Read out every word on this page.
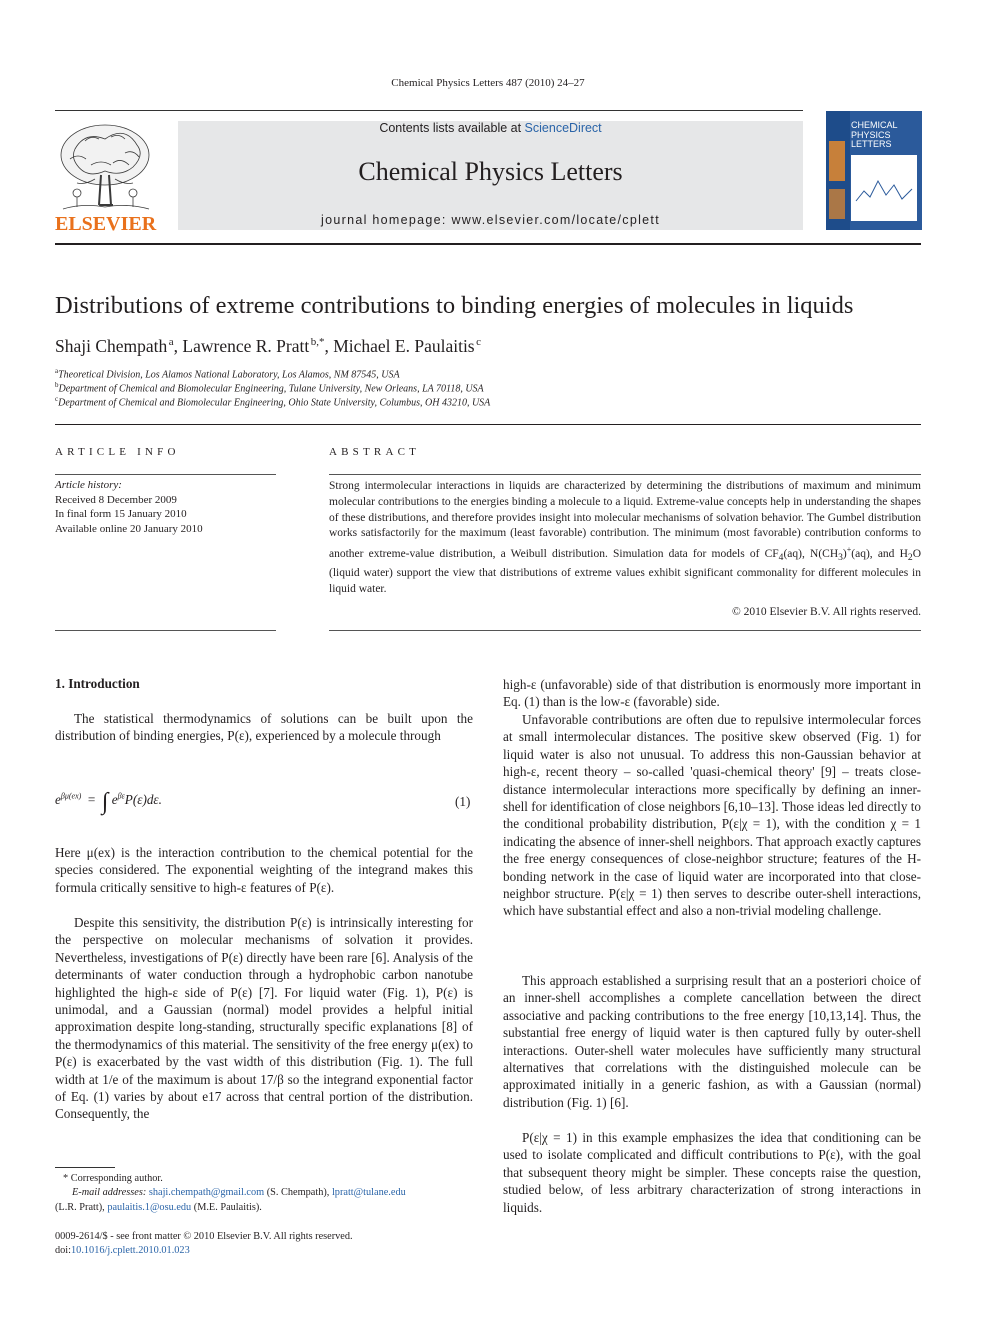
Chemical Physics Letters 487 (2010) 24–27
ELSEVIER
Contents lists available at ScienceDirect
Chemical Physics Letters
journal homepage: www.elsevier.com/locate/cplett
CHEMICAL
PHYSICS
LETTERS
Distributions of extreme contributions to binding energies of molecules in liquids
Shaji Chempath $^a$, Lawrence R. Pratt $^{b,*}$, Michael E. Paulaitis $^c$
$^a$Theoretical Division, Los Alamos National Laboratory, Los Alamos, NM 87545, USA
$^b$Department of Chemical and Biomolecular Engineering, Tulane University, New Orleans, LA 70118, USA
$^c$Department of Chemical and Biomolecular Engineering, Ohio State University, Columbus, OH 43210, USA
ARTICLE INFO	ABSTRACT
Article history:
Received 8 December 2009
In final form 15 January 2010
Available online 20 January 2010
Strong intermolecular interactions in liquids are characterized by determining the distributions of maximum and minimum molecular contributions to the energies binding a molecule to a liquid. Extreme-value concepts help in understanding the shapes of these distributions, and therefore provides insight into molecular mechanisms of solvation behavior. The Gumbel distribution works satisfactorily for the maximum (least favorable) contribution. The minimum (most favorable) contribution conforms to another extreme-value distribution, a Weibull distribution. Simulation data for models of $CF_4(aq)$, $N(CH_3)^+(aq)$, and $H_2O$ (liquid water) support the view that distributions of extreme values exhibit significant commonality for different molecules in liquid water.
© 2010 Elsevier B.V. All rights reserved.
1. Introduction
The statistical thermodynamics of solutions can be built upon the distribution of binding energies, P(ε), experienced by a molecule through
$e^{\beta\mu(ex)}$ = ∫ $e^{\beta\varepsilon}P(\varepsilon)d\varepsilon$.	(1)
Here μ(ex) is the interaction contribution to the chemical potential for the species considered. The exponential weighting of the integrand makes this formula critically sensitive to high-ε features of P(ε).
Despite this sensitivity, the distribution P(ε) is intrinsically interesting for the perspective on molecular mechanisms of solvation it provides. Nevertheless, investigations of P(ε) directly have been rare [6]. Analysis of the determinants of water conduction through a hydrophobic carbon nanotube highlighted the high-ε side of P(ε) [7]. For liquid water (Fig. 1), P(ε) is unimodal, and a Gaussian (normal) model provides a helpful initial approximation despite long-standing, structurally specific explanations [8] of the thermodynamics of this material. The sensitivity of the free energy μ(ex) to P(ε) is exacerbated by the vast width of this distribution (Fig. 1). The full width at 1/e of the maximum is about 17/β so the integrand exponential factor of Eq. (1) varies by about e17 across that central portion of the distribution. Consequently, the
high-ε (unfavorable) side of that distribution is enormously more important in Eq. (1) than is the low-ε (favorable) side.
Unfavorable contributions are often due to repulsive intermolecular forces at small intermolecular distances. The positive skew observed (Fig. 1) for liquid water is also not unusual. To address this non-Gaussian behavior at high-ε, recent theory – so-called 'quasi-chemical theory' [9] – treats close-distance intermolecular interactions more specifically by defining an inner-shell for identification of close neighbors [6,10–13]. Those ideas led directly to the conditional probability distribution, P(ε|χ = 1), with the condition χ = 1 indicating the absence of inner-shell neighbors. That approach exactly captures the free energy consequences of close-neighbor structure; features of the H-bonding network in the case of liquid water are incorporated into that close-neighbor structure. P(ε|χ = 1) then serves to describe outer-shell interactions, which have substantial effect and also a non-trivial modeling challenge.
This approach established a surprising result that an a posteriori choice of an inner-shell accomplishes a complete cancellation between the direct associative and packing contributions to the free energy [10,13,14]. Thus, the substantial free energy of liquid water is then captured fully by outer-shell interactions. Outer-shell water molecules have sufficiently many structural alternatives that correlations with the distinguished molecule can be approximated initially in a generic fashion, as with a Gaussian (normal) distribution (Fig. 1) [6].
P(ε|χ = 1) in this example emphasizes the idea that conditioning can be used to isolate complicated and difficult contributions to P(ε), with the goal that subsequent theory might be simpler. These concepts raise the question, studied below, of less arbitrary characterization of strong interactions in liquids.
* Corresponding author.
E-mail addresses: shaji.chempath@gmail.com (S. Chempath), lpratt@tulane.edu
(L.R. Pratt), paulaitis.1@osu.edu (M.E. Paulaitis).
0009-2614/$ - see front matter © 2010 Elsevier B.V. All rights reserved.
doi:10.1016/j.cplett.2010.01.023
